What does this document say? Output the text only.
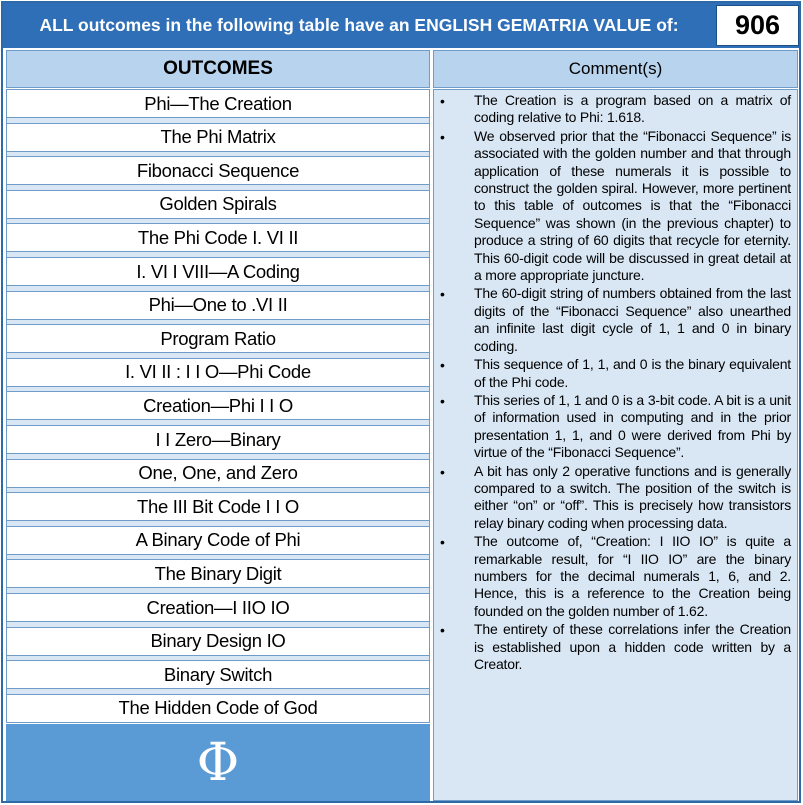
ALL outcomes in the following table have an ENGLISH GEMATRIA VALUE of:	906
OUTCOMES	Comment(s)
Phi—The Creation
The Phi Matrix
Fibonacci Sequence
Golden Spirals
The Phi Code I. VI II
I. VI I VIII—A Coding
Phi—One to .VI II
Program Ratio
I. VI II : I I O—Phi Code
Creation—Phi I I O
I I Zero—Binary
One, One, and Zero
The III Bit Code I I O
A Binary Code of Phi
The Binary Digit
Creation—I IIO IO
Binary Design IO
Binary Switch
The Hidden Code of God
Φ
• The Creation is a program based on a matrix of coding relative to Phi: 1.618.
• We observed prior that the “Fibonacci Sequence” is associated with the golden number and that through application of these numerals it is possible to construct the golden spiral. However, more pertinent to this table of outcomes is that the “Fibonacci Sequence” was shown (in the previous chapter) to produce a string of 60 digits that recycle for eternity. This 60-digit code will be discussed in great detail at a more appropriate juncture.
• The 60-digit string of numbers obtained from the last digits of the “Fibonacci Sequence” also unearthed an infinite last digit cycle of 1, 1 and 0 in binary coding.
• This sequence of 1, 1, and 0 is the binary equivalent of the Phi code.
• This series of 1, 1 and 0 is a 3-bit code. A bit is a unit of information used in computing and in the prior presentation 1, 1, and 0 were derived from Phi by virtue of the “Fibonacci Sequence”.
• A bit has only 2 operative functions and is generally compared to a switch. The position of the switch is either “on” or “off”. This is precisely how transistors relay binary coding when processing data.
• The outcome of, “Creation: I IIO IO” is quite a remarkable result, for “I IIO IO” are the binary numbers for the decimal numerals 1, 6, and 2. Hence, this is a reference to the Creation being founded on the golden number of 1.62.
• The entirety of these correlations infer the Creation is established upon a hidden code written by a Creator.
